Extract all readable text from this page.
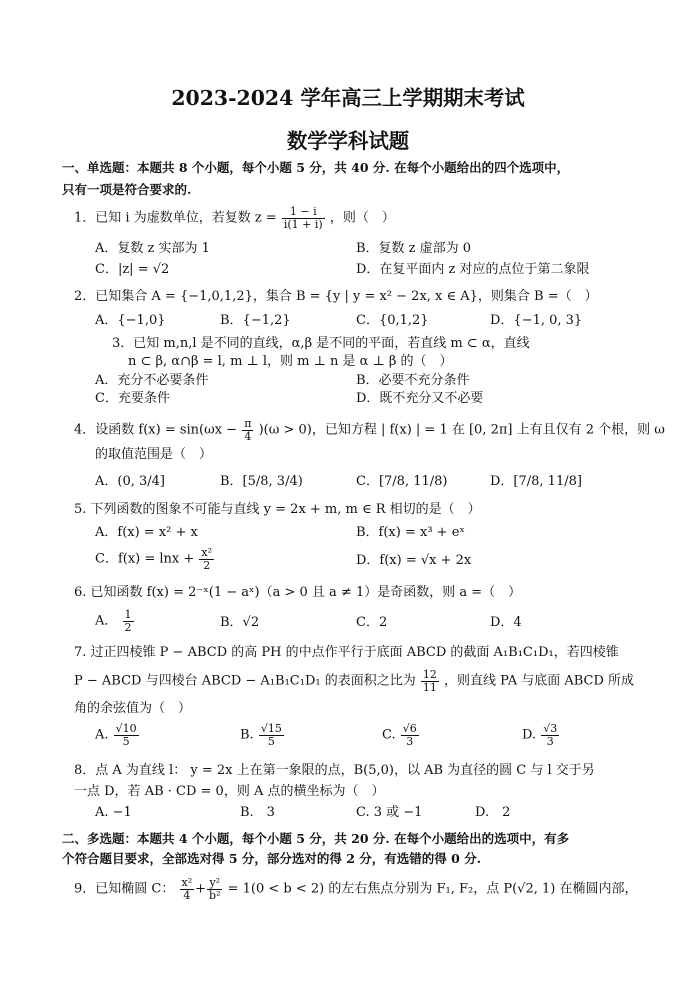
2023-2024 学年高三上学期期末考试
数学学科试题
一、单选题：本题共 8 个小题，每个小题 5 分，共 40 分. 在每个小题给出的四个选项中，
只有一项是符合要求的.
1．已知 i 为虚数单位，若复数 $z = \frac{1 - i}{i(1 + i)}$ ，则（　）
A．复数 z 实部为 1	B．复数 z 虚部为 0
C．|z| = √2	D．在复平面内 z 对应的点位于第二象限
2．已知集合 A = {−1,0,1,2}，集合 B = {y | y = x² − 2x, x ∈ A}，则集合 B =（　）
A．{−1,0}	B．{−1,2}	C．{0,1,2}	D．{−1, 0, 3}
3．已知 m,n,l 是不同的直线，α,β 是不同的平面，若直线 m ⊂ α，直线
n ⊂ β, α∩β = l, m ⊥ l，则 m ⊥ n 是 α ⊥ β 的（　）
A．充分不必要条件	B．必要不充分条件
C．充要条件	D．既不充分又不必要
4．设函数 $f(x) = \sin(\omega x - \frac{\pi}{4} )(\omega > 0)$，已知方程 | f(x) | = 1 在 [0, 2π] 上有且仅有 2 个根，则 ω
的取值范围是（　）
A．(0, 3/4]	B．[5/8, 3/4)	C．[7/8, 11/8)	D．[7/8, 11/8]
5. 下列函数的图象不可能与直线 y = 2x + m, m ∈ R 相切的是（　）
A．f(x) = x² + x	B．f(x) = x³ + eˣ
C．$f(x) = \ln x + \frac{\text{x²}}{2}$	D．f(x) = √x + 2x
6. 已知函数 f(x) = 2⁻ˣ(1 − aˣ)（a > 0 且 a ≠ 1）是奇函数，则 a =（　）
A． $\frac{1}{2}$	B．√2	C．2	D．4
7. 过正四棱锥 P − ABCD 的高 PH 的中点作平行于底面 ABCD 的截面 A₁B₁C₁D₁，若四棱锥
P − ABCD 与四棱台 ABCD − A₁B₁C₁D₁ 的表面积之比为 $\frac{12}{11}$ ，则直线 PA 与底面 ABCD 所成
角的余弦值为（　）
A. $\frac{√10}{5}$	B. $\frac{√15}{5}$	C. $\frac{√6}{3}$	D. $\frac{√3}{3}$
8．点 A 为直线 l： y = 2x 上在第一象限的点，B(5,0)，以 AB 为直径的圆 C 与 l 交于另
一点 D，若 AB · CD = 0，则 A 点的横坐标为（　）
A. −1	B.　3	C. 3 或 −1	D.　2
二、多选题：本题共 4 个小题，每个小题 5 分，共 20 分. 在每个小题给出的选项中，有多
个符合题目要求，全部选对得 5 分，部分选对的得 2 分，有选错的得 0 分.
9．已知椭圆 C： $\frac{\text{x²}}{4} + \frac{\text{y²}}{\text{b²}} = 1(0 < b < 2)$ 的左右焦点分别为 F₁, F₂，点 P(√2, 1) 在椭圆内部，
